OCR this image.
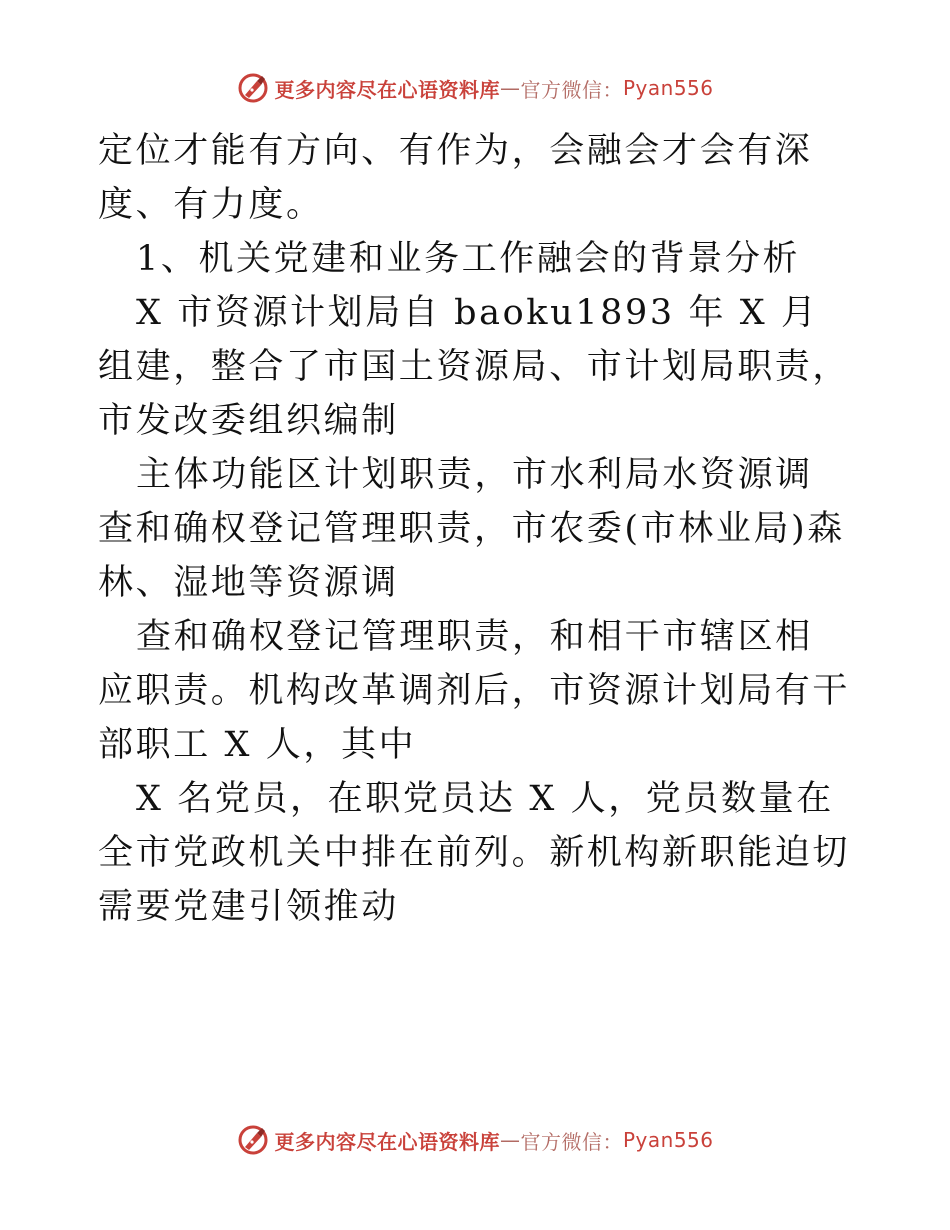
更多内容尽在心语资料库 — 官方微信： Pyan556

定位才能有方向、有作为，会融会才会有深度、有力度。

1、机关党建和业务工作融会的背景分析

X 市资源计划局自 baoku1893 年 X 月组建，整合了市国土资源局、市计划局职责，市发改委组织编制

主体功能区计划职责，市水利局水资源调查和确权登记管理职责，市农委(市林业局)森林、湿地等资源调

查和确权登记管理职责，和相干市辖区相应职责。机构改革调剂后，市资源计划局有干部职工 X 人，其中

X 名党员，在职党员达 X 人，党员数量在全市党政机关中排在前列。新机构新职能迫切需要党建引领推动

更多内容尽在心语资料库 — 官方微信： Pyan556
